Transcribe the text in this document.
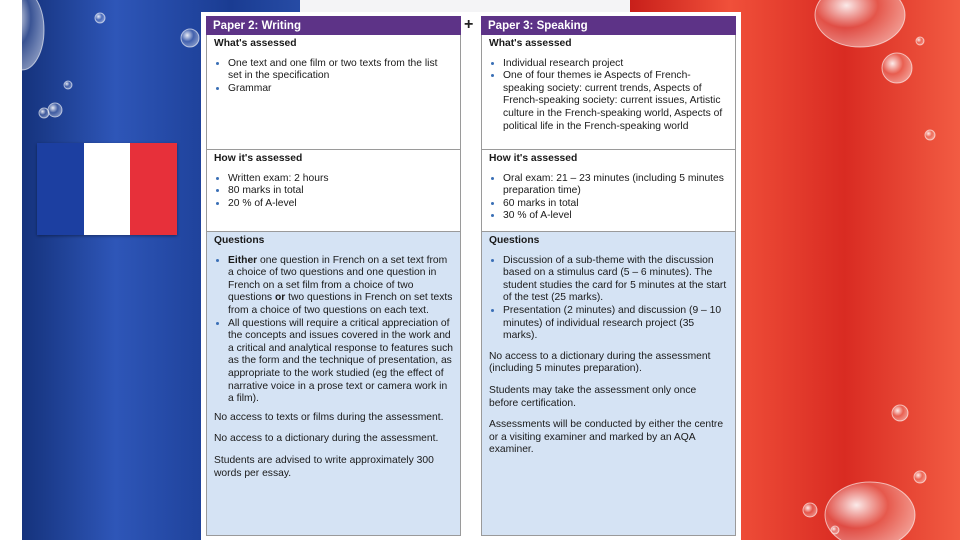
+
Paper 2: Writing
What's assessed
• One text and one film or two texts from the list set in the specification
• Grammar
How it's assessed
• Written exam: 2 hours
• 80 marks in total
• 20 % of A-level
Questions
• Either one question in French on a set text from a choice of two questions and one question in French on a set film from a choice of two questions or two questions in French on set texts from a choice of two questions on each text.
• All questions will require a critical appreciation of the concepts and issues covered in the work and a critical and analytical response to features such as the form and the technique of presentation, as appropriate to the work studied (eg the effect of narrative voice in a prose text or camera work in a film).

No access to texts or films during the assessment.

No access to a dictionary during the assessment.

Students are advised to write approximately 300 words per essay.

Paper 3: Speaking
What's assessed
• Individual research project
• One of four themes ie Aspects of French-speaking society: current trends, Aspects of French-speaking society: current issues, Artistic culture in the French-speaking world, Aspects of political life in the French-speaking world
How it's assessed
• Oral exam: 21 – 23 minutes (including 5 minutes preparation time)
• 60 marks in total
• 30 % of A-level
Questions
• Discussion of a sub-theme with the discussion based on a stimulus card (5 – 6 minutes). The student studies the card for 5 minutes at the start of the test (25 marks).
• Presentation (2 minutes) and discussion (9 – 10 minutes) of individual research project (35 marks).

No access to a dictionary during the assessment (including 5 minutes preparation).

Students may take the assessment only once before certification.

Assessments will be conducted by either the centre or a visiting examiner and marked by an AQA examiner.
